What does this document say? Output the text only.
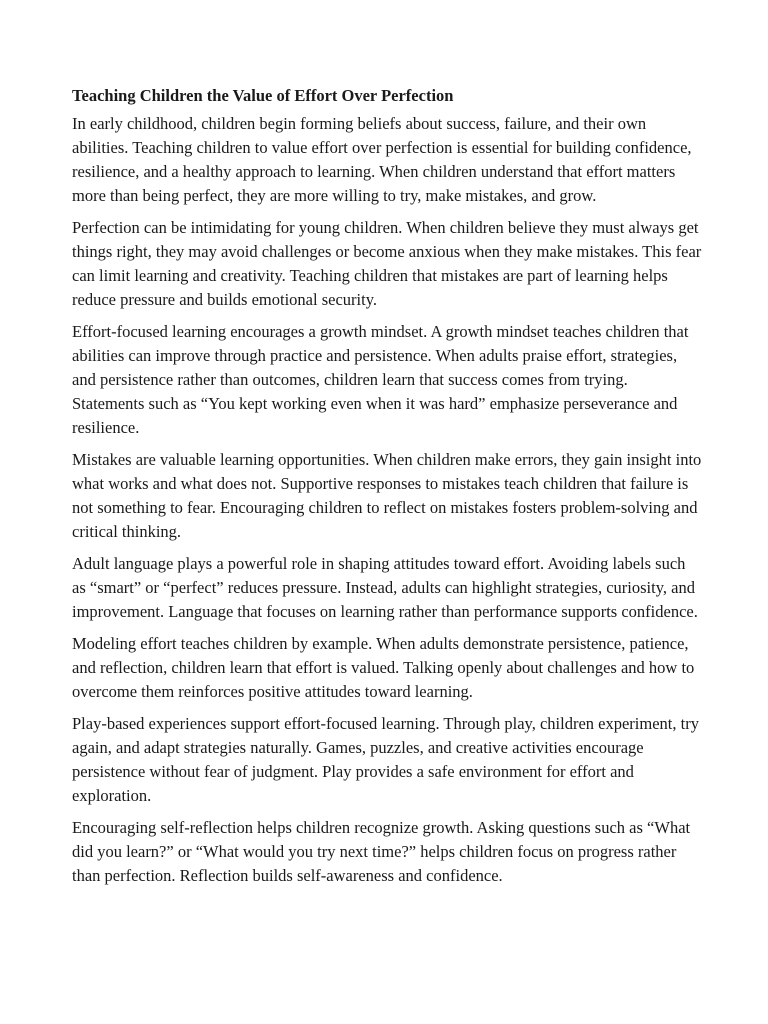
Teaching Children the Value of Effort Over Perfection

In early childhood, children begin forming beliefs about success, failure, and their own abilities. Teaching children to value effort over perfection is essential for building confidence, resilience, and a healthy approach to learning. When children understand that effort matters more than being perfect, they are more willing to try, make mistakes, and grow.

Perfection can be intimidating for young children. When children believe they must always get things right, they may avoid challenges or become anxious when they make mistakes. This fear can limit learning and creativity. Teaching children that mistakes are part of learning helps reduce pressure and builds emotional security.

Effort-focused learning encourages a growth mindset. A growth mindset teaches children that abilities can improve through practice and persistence. When adults praise effort, strategies, and persistence rather than outcomes, children learn that success comes from trying. Statements such as “You kept working even when it was hard” emphasize perseverance and resilience.

Mistakes are valuable learning opportunities. When children make errors, they gain insight into what works and what does not. Supportive responses to mistakes teach children that failure is not something to fear. Encouraging children to reflect on mistakes fosters problem-solving and critical thinking.

Adult language plays a powerful role in shaping attitudes toward effort. Avoiding labels such as “smart” or “perfect” reduces pressure. Instead, adults can highlight strategies, curiosity, and improvement. Language that focuses on learning rather than performance supports confidence.

Modeling effort teaches children by example. When adults demonstrate persistence, patience, and reflection, children learn that effort is valued. Talking openly about challenges and how to overcome them reinforces positive attitudes toward learning.

Play-based experiences support effort-focused learning. Through play, children experiment, try again, and adapt strategies naturally. Games, puzzles, and creative activities encourage persistence without fear of judgment. Play provides a safe environment for effort and exploration.

Encouraging self-reflection helps children recognize growth. Asking questions such as “What did you learn?” or “What would you try next time?” helps children focus on progress rather than perfection. Reflection builds self-awareness and confidence.
